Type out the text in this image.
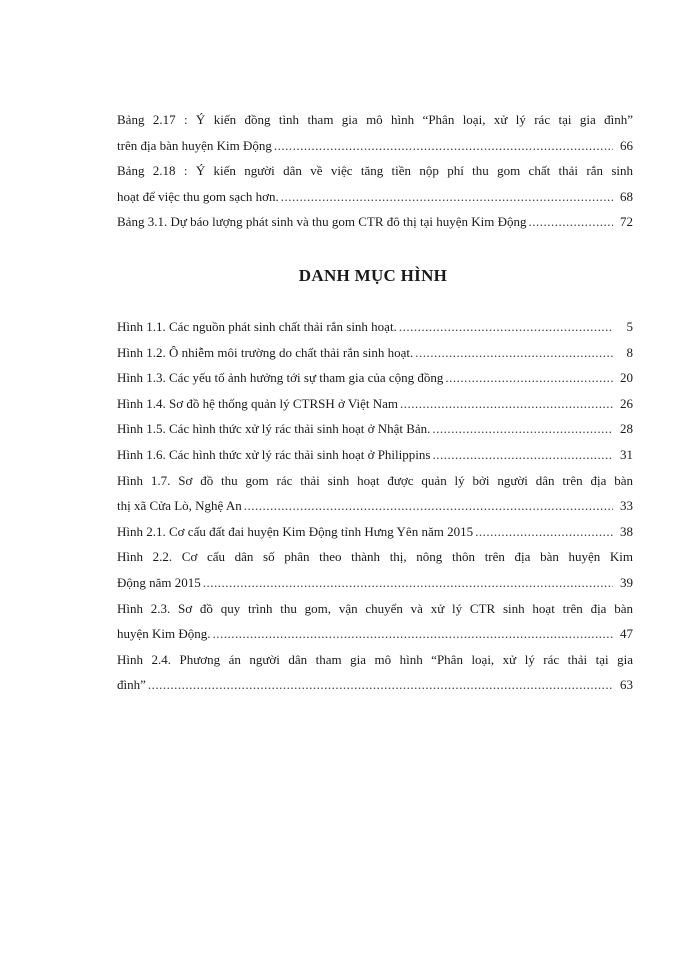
Bảng 2.17 : Ý kiến đồng tình tham gia mô hình “Phân loại, xử lý rác tại gia đình”
trên địa bàn huyện Kim Động .....	66
Bảng 2.18 : Ý kiến người dân về việc tăng tiền nộp phí thu gom chất thải rắn sinh
hoạt để việc thu gom sạch hơn. .....	68
Bảng 3.1. Dự báo lượng phát sinh và thu gom CTR đô thị tại huyện Kim Động .....	72
DANH MỤC HÌNH
Hình 1.1. Các nguồn phát sinh chất thải rắn sinh hoạt. .....	5
Hình 1.2. Ô nhiễm môi trường do chất thải rắn sinh hoạt. .....	8
Hình 1.3. Các yếu tố ảnh hưởng tới sự tham gia của cộng đồng .....	20
Hình 1.4. Sơ đồ hệ thống quản lý CTRSH ở Việt Nam .....	26
Hình 1.5. Các hình thức xử lý rác thải sinh hoạt ở Nhật Bản. .....	28
Hình 1.6. Các hình thức xử lý rác thải sinh hoạt ở Philippins .....	31
Hình 1.7. Sơ đồ thu gom rác thải sinh hoạt được quản lý bởi người dân trên địa bàn
thị xã Cửa Lò, Nghệ An .....	33
Hình 2.1. Cơ cấu đất đai huyện Kim Động tỉnh Hưng Yên năm 2015 .....	38
Hình 2.2. Cơ cấu dân số phân theo thành thị, nông thôn trên địa bàn huyện Kim
Động năm 2015 .....	39
Hình 2.3. Sơ đồ quy trình thu gom, vận chuyển và xử lý CTR sinh hoạt trên địa bàn
huyện Kim Động. .....	47
Hình 2.4. Phương án người dân tham gia mô hình “Phân loại, xử lý rác thải tại gia
đình” .....	63
